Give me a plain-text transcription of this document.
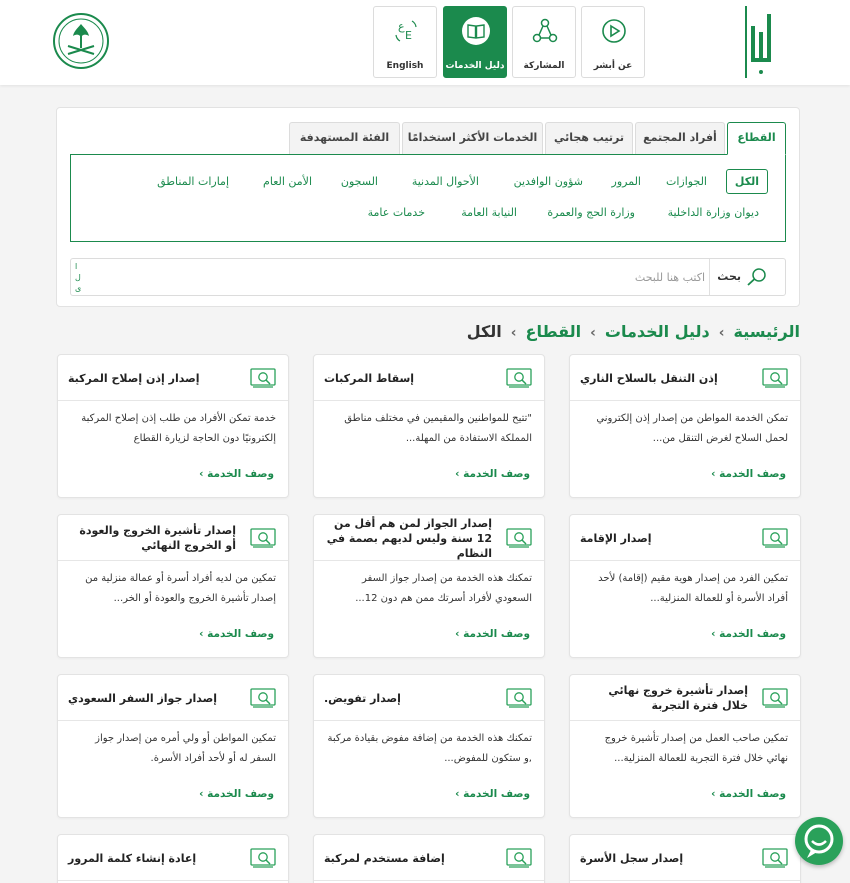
عن أبشر
المشاركة
دليل الخدمات
ع
E
English
القطاع
أفراد المجتمع
ترتيب هجائي
الخدمات الأكثر استخدامًا
الفئة المستهدفة
الكل
الجوازات
المرور
شؤون الوافدين
الأحوال المدنية
السجون
الأمن العام
إمارات المناطق
ديوان وزارة الداخلية
وزارة الحج والعمرة
النيابة العامة
خدمات عامة
بحث
اكتب هنا للبحث
ا ل ى
الرئيسية›دليل الخدمات›القطاع›الكل
إذن التنقل بالسلاح الناري
تمكن الخدمة المواطن من إصدار إذن إلكتروني لحمل السلاح لغرض التنقل من...
وصف الخدمة ›
إسقاط المركبات
"تتيح للمواطنين والمقيمين في مختلف مناطق المملكة الاستفادة من المهلة...
وصف الخدمة ›
إصدار إذن إصلاح المركبة
خدمة تمكن الأفراد من طلب إذن إصلاح المركبة إلكترونيًا دون الحاجة لزيارة القطاع
وصف الخدمة ›
إصدار الإقامة
تمكين الفرد من إصدار هوية مقيم (إقامة) لأحد أفراد الأسرة أو للعمالة المنزلية...
وصف الخدمة ›
إصدار الجواز لمن هم أقل من 12 سنة وليس لديهم بصمة في النظام
تمكنك هذه الخدمة من إصدار جواز السفر السعودي لأفراد أسرتك ممن هم دون 12...
وصف الخدمة ›
إصدار تأشيرة الخروج والعودة أو الخروج النهائي
تمكين من لديه أفراد أسرة أو عمالة منزلية من إصدار تأشيرة الخروج والعودة أو الخر...
وصف الخدمة ›
إصدار تأشيرة خروج نهائي خلال فترة التجربة
تمكين صاحب العمل من إصدار تأشيرة خروج نهائي خلال فترة التجربة للعمالة المنزلية...
وصف الخدمة ›
إصدار تفويض.
تمكنك هذه الخدمة من إضافة مفوض بقيادة مركبة ,و ستكون للمفوض...
وصف الخدمة ›
إصدار جواز السفر السعودي
تمكين المواطن أو ولي أمره من إصدار جواز السفر له أو لأحد أفراد الأسرة.
وصف الخدمة ›
إصدار سجل الأسرة
إضافة مستخدم لمركبة
إعادة إنشاء كلمة المرور
